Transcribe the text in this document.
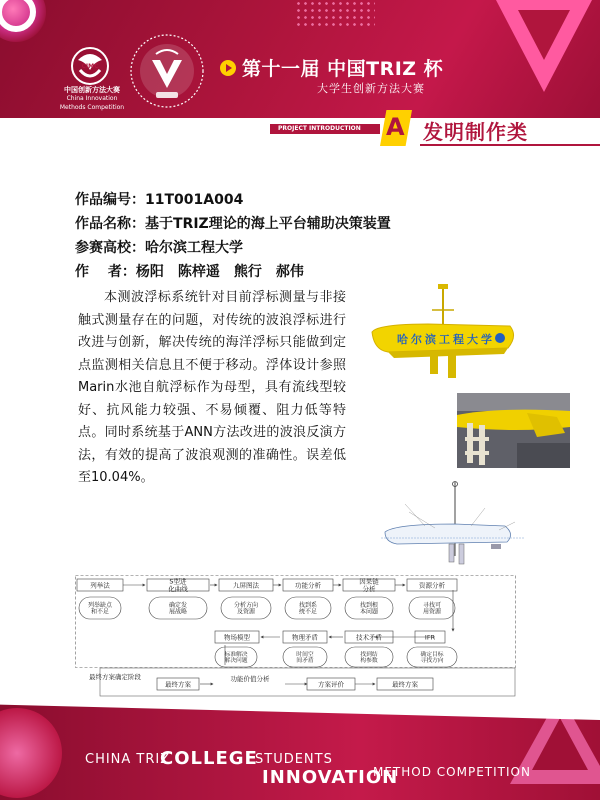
CIMC
中国创新方法大赛
China Innovation
Methods Competition
第十一届 中国TRIZ 杯
大学生创新方法大赛
PROJECT INTRODUCTION	A 发明制作类
作品编号：11T001A004
作品名称：基于TRIZ理论的海上平台辅助决策装置
参赛高校：哈尔滨工程大学
作　 者：杨阳　陈梓遥　熊行　郝伟
本测波浮标系统针对目前浮标测量与非接触式测量存在的问题，对传统的波浪浮标进行改进与创新，解决传统的海洋浮标只能做到定点监测相关信息且不便于移动。浮体设计参照Marin水池自航浮标作为母型，具有流线型较好、抗风能力较强、不易倾覆、阻力低等特点。同时系统基于ANN方法改进的波浪反演方法，有效的提高了波浪观测的准确性。误差低至10.04%。
哈尔滨工程大学
列举法	S型进化曲线	九屏图法	功能分析	因果链分析	资源分析
列举缺点和不足
确定发展战略
分析方向及资源
找到系统不足
找到根本问题
寻找可用资源
物场模型	物理矛盾	技术矛盾	IFR
标准解决解决问题
时间空间矛盾
找到结构参数
确定目标寻找方向
最终方案
功能价值分析
方案评价	最终方案
最终方案确定阶段
CHINA TRIZ
COLLEGE
STUDENTS
INNOVATION
METHOD COMPETITION
